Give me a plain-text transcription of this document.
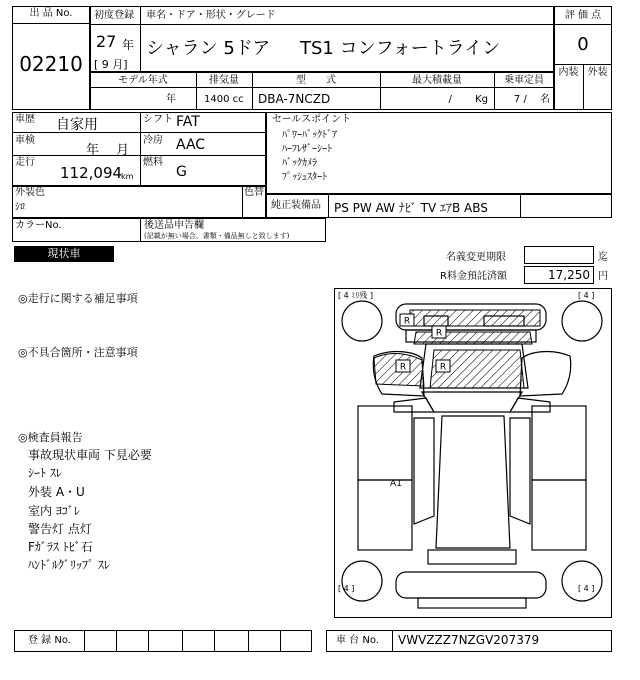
出 品 No.
02210
初度登録 車名・ドア・形状・グレード
27 年
[ 9 月]
シャラン 5ドア TS1 コンフォートライン
評 価 点
0
内装 外装
モデル年式	排気量	型　　式	最大積載量	乗車定員
年	1400 cc DBA-7NCZD	/　　 Kg	7 /　 名
車歴 自家用	シフト FAT
車検
年　 月
冷房 AAC
走行
112,094
km
燃料
G
外装色
ｼﾛ
色替
カラーNo.	後送品申告欄
(記載が無い場合、書類・備品無しと致します)
セールスポイント
ﾊﾟﾜｰﾊﾞｯｸﾄﾞｱ
ﾊｰﾌﾚｻﾞｰｼｰﾄ
ﾊﾞｯｸｶﾒﾗ
ﾌﾟｯｼｭｽﾀｰﾄ
純正装備品 PS PW AW ﾅﾋﾞ TV ｴｱB ABS
現状車	名義変更期限	迄
R料金預託済額	17,250 円
◎走行に関する補足事項
◎不具合箇所・注意事項
◎検査員報告
事故現状車両 下見必要
ｼｰﾄ ｽﾚ
外装 A・U
室内 ﾖｺﾞﾚ
警告灯 点灯
Fｶﾞﾗｽ ﾄﾋﾞ石
ﾊﾝﾄﾞﾙｸﾞﾘｯﾌﾟ ｽﾚ
R
R
R	R
A1
[ 4 ﾐﾘ残 ]	[ 4 ]
[ 4 ]	[ 4 ]
登 録 No.	車 台 No. VWVZZZ7NZGV207379
